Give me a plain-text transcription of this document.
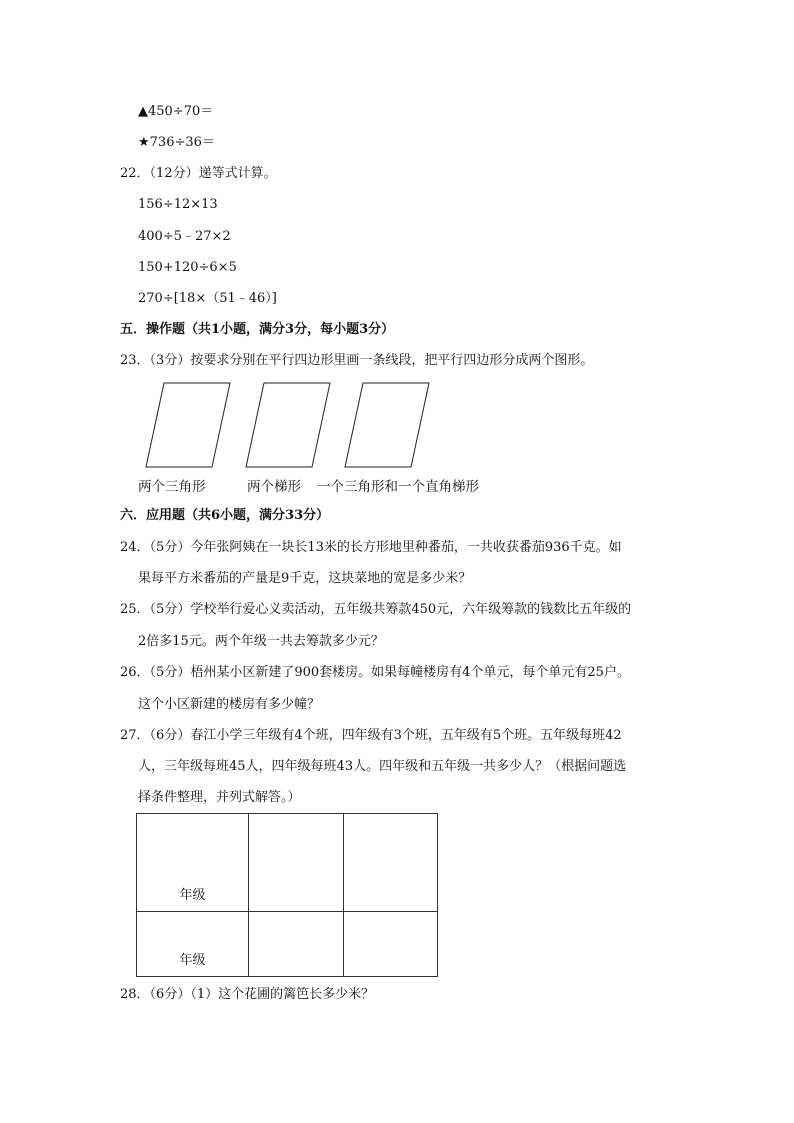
▲450÷70＝
★736÷36＝
22．（12分）递等式计算。
156÷12×13
400÷5﹣27×2
150+120÷6×5
270÷[18×（51﹣46）]
五．操作题（共1小题，满分3分，每小题3分）
23．（3分）按要求分别在平行四边形里画一条线段，把平行四边形分成两个图形。
两个三角形	两个梯形 一个三角形和一个直角梯形
六．应用题（共6小题，满分33分）
24．（5分）今年张阿姨在一块长13米的长方形地里种番茄，一共收获番茄936千克。如
果每平方米番茄的产量是9千克，这块菜地的宽是多少米？
25．（5分）学校举行爱心义卖活动，五年级共筹款450元，六年级筹款的钱数比五年级的
2倍多15元。两个年级一共去筹款多少元？
26．（5分）梧州某小区新建了900套楼房。如果每幢楼房有4个单元，每个单元有25户。
这个小区新建的楼房有多少幢？
27．（6分）春江小学三年级有4个班，四年级有3个班，五年级有5个班。五年级每班42
人，三年级每班45人，四年级每班43人。四年级和五年级一共多少人？（根据问题选
择条件整理，并列式解答。）
年级		

年级		

28．（6分）（1）这个花圃的篱笆长多少米？
